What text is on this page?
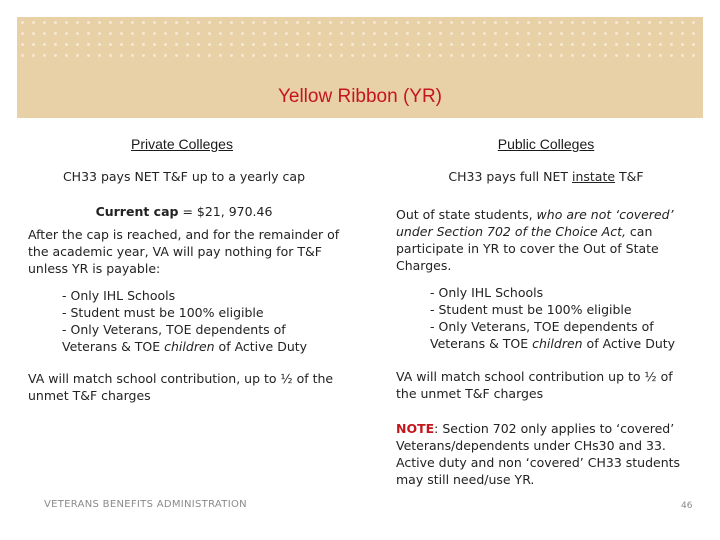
Yellow Ribbon (YR)

Private Colleges

CH33 pays NET T&F up to a yearly cap

Current cap = $21, 970.46

After the cap is reached, and for the remainder of the academic year, VA will pay nothing for T&F unless YR is payable:

- Only IHL Schools

- Student must be 100% eligible

- Only Veterans, TOE dependents of

Veterans & TOE children of Active Duty

VA will match school contribution, up to ½ of the unmet T&F charges

Public Colleges

CH33 pays full NET instate T&F

Out of state students, who are not ‘covered’ under Section 702 of the Choice Act, can participate in YR to cover the Out of State Charges.

- Only IHL Schools

- Student must be 100% eligible

- Only Veterans, TOE dependents of

Veterans & TOE children of Active Duty

VA will match school contribution up to ½ of the unmet T&F charges

NOTE: Section 702 only applies to ‘covered’ Veterans/dependents under CHs30 and 33. Active duty and non ‘covered’ CH33 students may still need/use YR.

VETERANS BENEFITS ADMINISTRATION	46
